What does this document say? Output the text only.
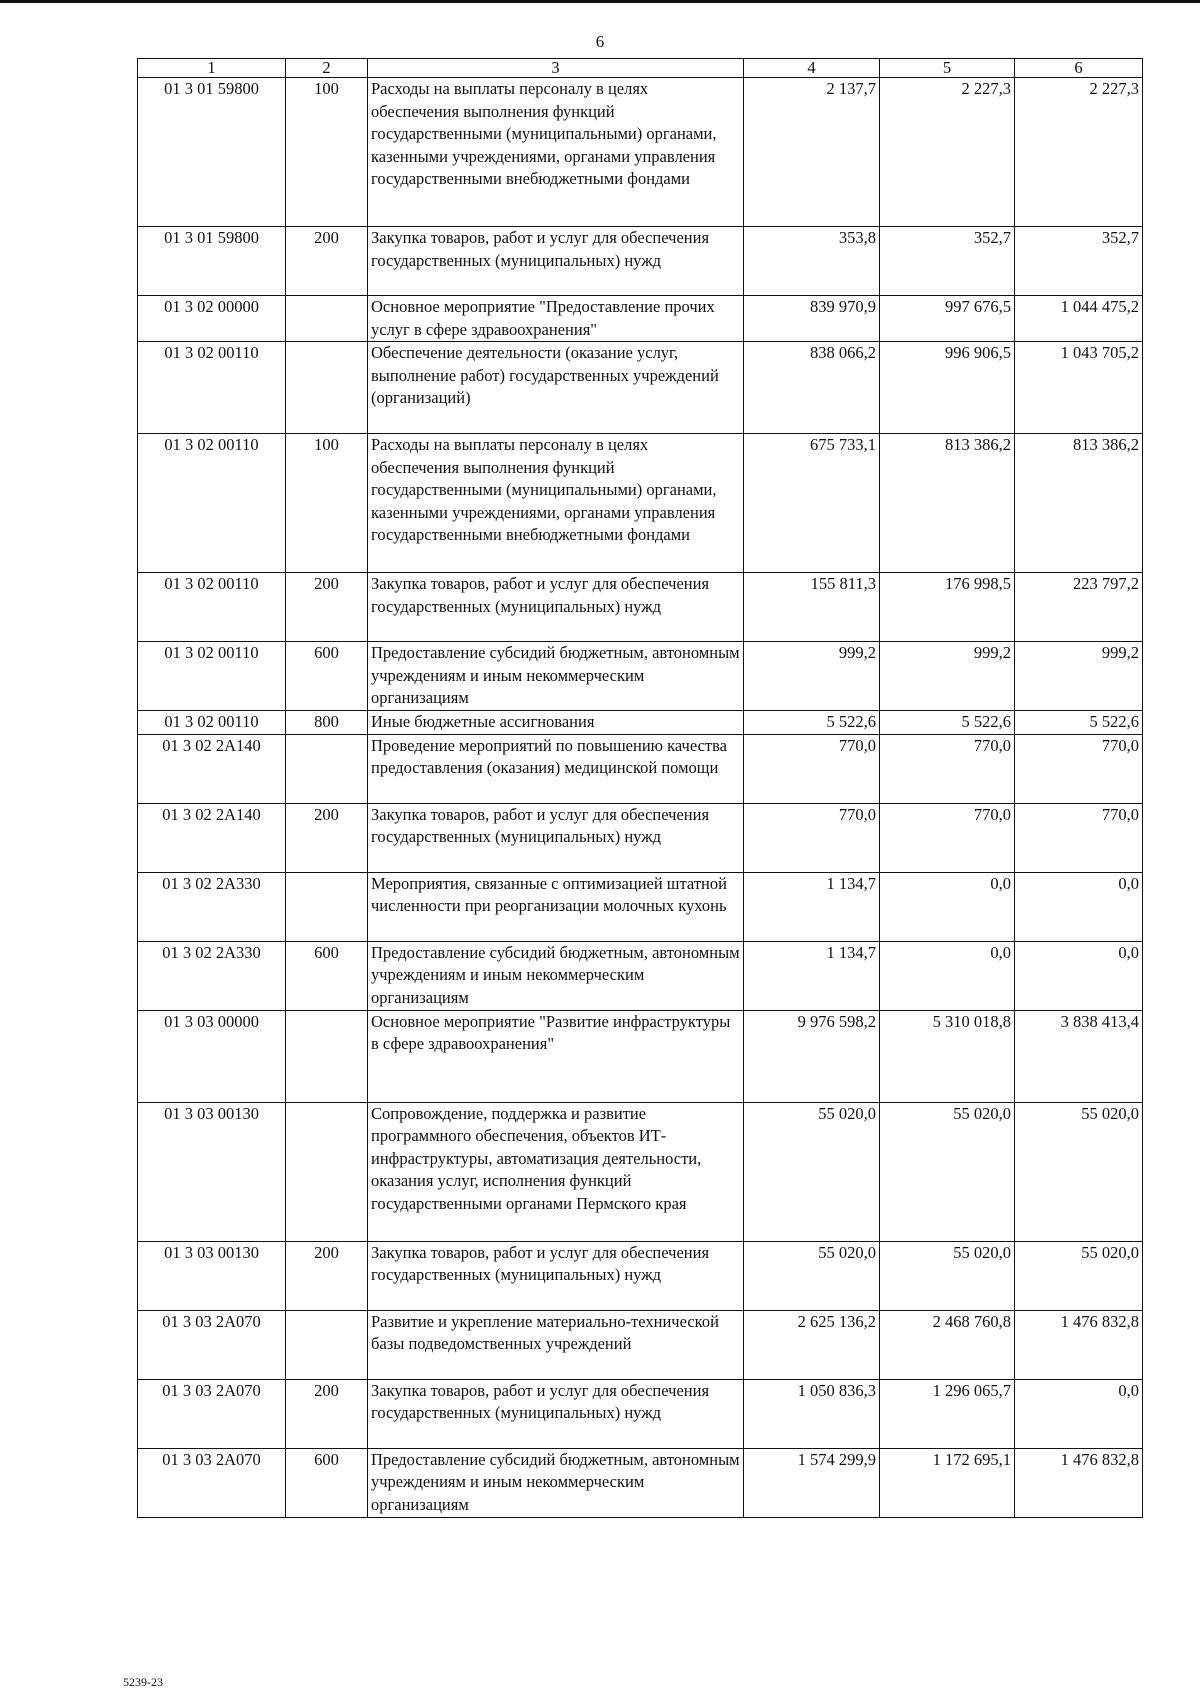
6
1	2	3	4	5	6
01 3 01 59800	100	Расходы на выплаты персоналу в целях обеспечения выполнения функций государственными (муниципальными) органами, казенными учреждениями, органами управления государственными внебюджетными фондами	2 137,7	2 227,3	2 227,3
01 3 01 59800	200	Закупка товаров, работ и услуг для обеспечения государственных (муниципальных) нужд	353,8	352,7	352,7
01 3 02 00000		Основное мероприятие "Предоставление прочих услуг в сфере здравоохранения"	839 970,9	997 676,5	1 044 475,2
01 3 02 00110		Обеспечение деятельности (оказание услуг, выполнение работ) государственных учреждений (организаций)	838 066,2	996 906,5	1 043 705,2
01 3 02 00110	100	Расходы на выплаты персоналу в целях обеспечения выполнения функций государственными (муниципальными) органами, казенными учреждениями, органами управления государственными внебюджетными фондами	675 733,1	813 386,2	813 386,2
01 3 02 00110	200	Закупка товаров, работ и услуг для обеспечения государственных (муниципальных) нужд	155 811,3	176 998,5	223 797,2
01 3 02 00110	600	Предоставление субсидий бюджетным, автономным учреждениям и иным некоммерческим организациям	999,2	999,2	999,2
01 3 02 00110	800	Иные бюджетные ассигнования	5 522,6	5 522,6	5 522,6
01 3 02 2А140		Проведение мероприятий по повышению качества предоставления (оказания) медицинской помощи	770,0	770,0	770,0
01 3 02 2А140	200	Закупка товаров, работ и услуг для обеспечения государственных (муниципальных) нужд	770,0	770,0	770,0
01 3 02 2А330		Мероприятия, связанные с оптимизацией штатной численности при реорганизации молочных кухонь	1 134,7	0,0	0,0
01 3 02 2А330	600	Предоставление субсидий бюджетным, автономным учреждениям и иным некоммерческим организациям	1 134,7	0,0	0,0
01 3 03 00000		Основное мероприятие "Развитие инфраструктуры в сфере здравоохранения"	9 976 598,2	5 310 018,8	3 838 413,4
01 3 03 00130		Сопровождение, поддержка и развитие программного обеспечения, объектов ИТ-инфраструктуры, автоматизация деятельности, оказания услуг, исполнения функций государственными органами Пермского края	55 020,0	55 020,0	55 020,0
01 3 03 00130	200	Закупка товаров, работ и услуг для обеспечения государственных (муниципальных) нужд	55 020,0	55 020,0	55 020,0
01 3 03 2А070		Развитие и укрепление материально-технической базы подведомственных учреждений	2 625 136,2	2 468 760,8	1 476 832,8
01 3 03 2А070	200	Закупка товаров, работ и услуг для обеспечения государственных (муниципальных) нужд	1 050 836,3	1 296 065,7	0,0
01 3 03 2А070	600	Предоставление субсидий бюджетным, автономным учреждениям и иным некоммерческим организациям	1 574 299,9	1 172 695,1	1 476 832,8
5239-23
